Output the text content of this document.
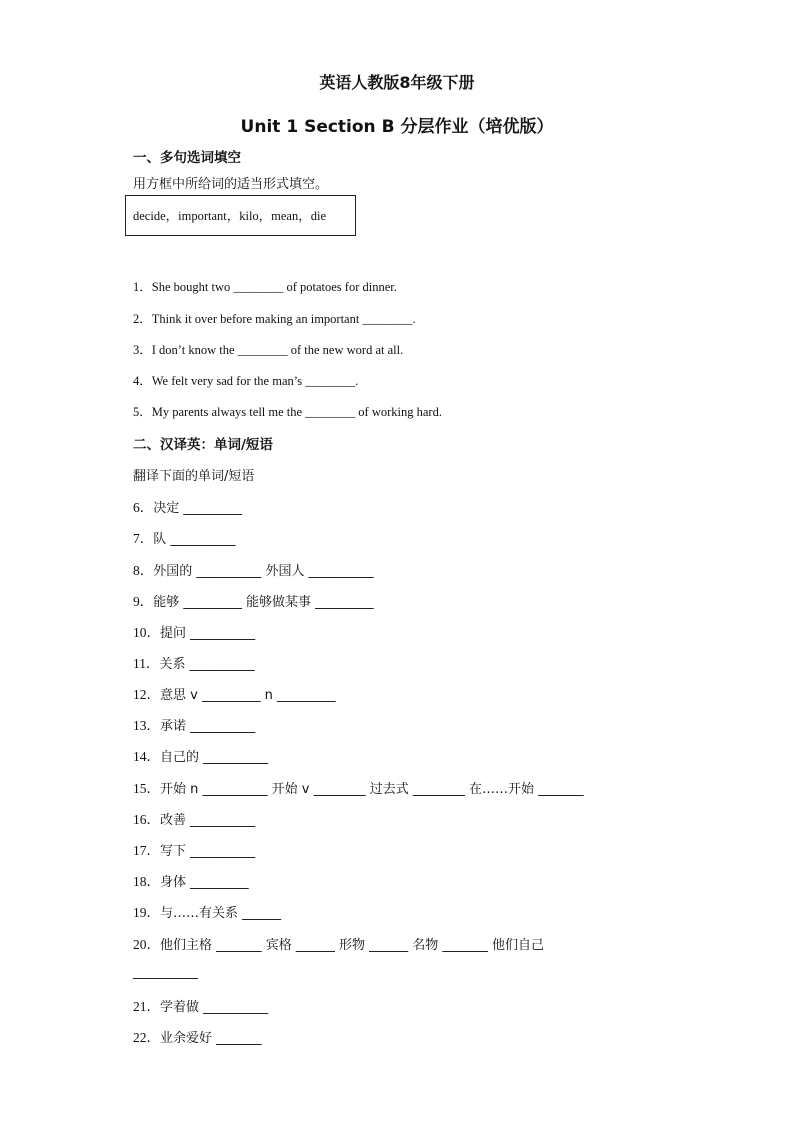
英语人教版8年级下册
Unit 1 Section B 分层作业（培优版）
一、多句选词填空
用方框中所给词的适当形式填空。
decide，important，kilo，mean，die
1．She bought two ________ of potatoes for dinner.
2．Think it over before making an important ________.
3．I don’t know the ________ of the new word at all.
4．We felt very sad for the man’s ________.
5．My parents always tell me the ________ of working hard.
二、汉译英：单词/短语
翻译下面的单词/短语
6．决定 _________
7．队 __________
8．外国的 __________ 外国人 __________
9．能够 _________ 能够做某事 _________
10．提问 __________
11．关系 __________
12．意思 v _________ n _________
13．承诺 __________
14．自己的 __________
15．开始 n __________ 开始 v ________ 过去式 ________ 在……开始 _______
16．改善 __________
17．写下 __________
18．身体 _________
19．与……有关系 ______
20．他们主格 _______ 宾格 ______ 形物 ______ 名物 _______ 他们自己
__________
21．学着做 __________
22．业余爱好 _______
